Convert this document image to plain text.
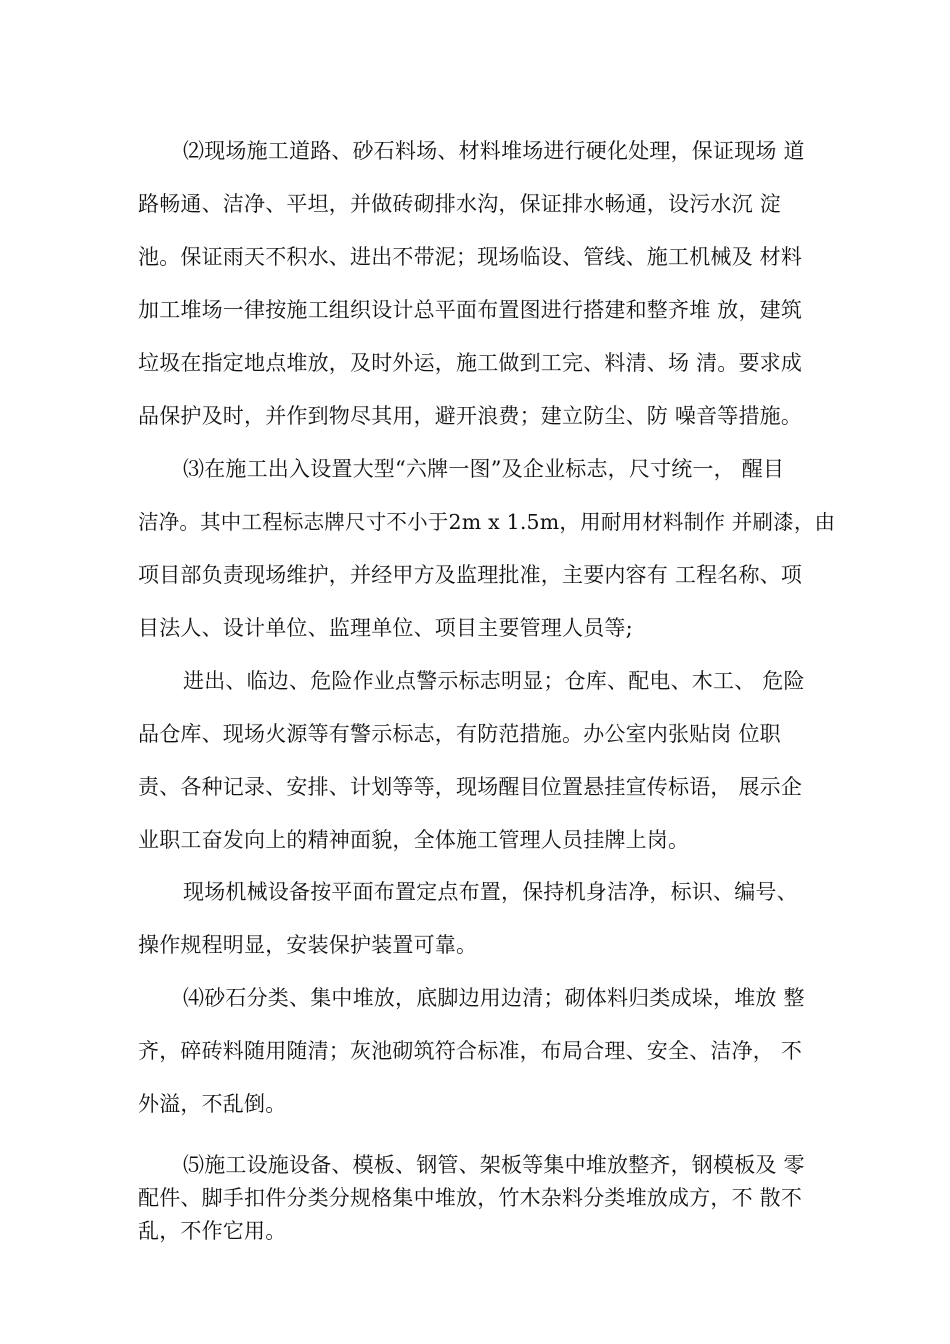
⑵现场施工道路、砂石料场、材料堆场进行硬化处理，保证现场 道
路畅通、洁净、平坦，并做砖砌排水沟，保证排水畅通，设污水沉 淀
池。保证雨天不积水、进出不带泥；现场临设、管线、施工机械及 材料
加工堆场一律按施工组织设计总平面布置图进行搭建和整齐堆 放，建筑
垃圾在指定地点堆放，及时外运，施工做到工完、料清、场 清。要求成
品保护及时，并作到物尽其用，避开浪费；建立防尘、防 噪音等措施。
⑶在施工出入设置大型“六牌一图”及企业标志，尺寸统一， 醒目
洁净。其中工程标志牌尺寸不小于2m x 1.5m，用耐用材料制作 并刷漆，由
项目部负责现场维护，并经甲方及监理批准，主要内容有 工程名称、项
目法人、设计单位、监理单位、项目主要管理人员等;
进出、临边、危险作业点警示标志明显；仓库、配电、木工、 危险
品仓库、现场火源等有警示标志，有防范措施。办公室内张贴岗 位职
责、各种记录、安排、计划等等，现场醒目位置悬挂宣传标语， 展示企
业职工奋发向上的精神面貌，全体施工管理人员挂牌上岗。
现场机械设备按平面布置定点布置，保持机身洁净，标识、编号、
操作规程明显，安装保护装置可靠。
⑷砂石分类、集中堆放，底脚边用边清；砌体料归类成垛，堆放 整
齐，碎砖料随用随清；灰池砌筑符合标准，布局合理、安全、洁净， 不
外溢，不乱倒。
⑸施工设施设备、模板、钢管、架板等集中堆放整齐，钢模板及 零
配件、脚手扣件分类分规格集中堆放，竹木杂料分类堆放成方，不 散不
乱，不作它用。
